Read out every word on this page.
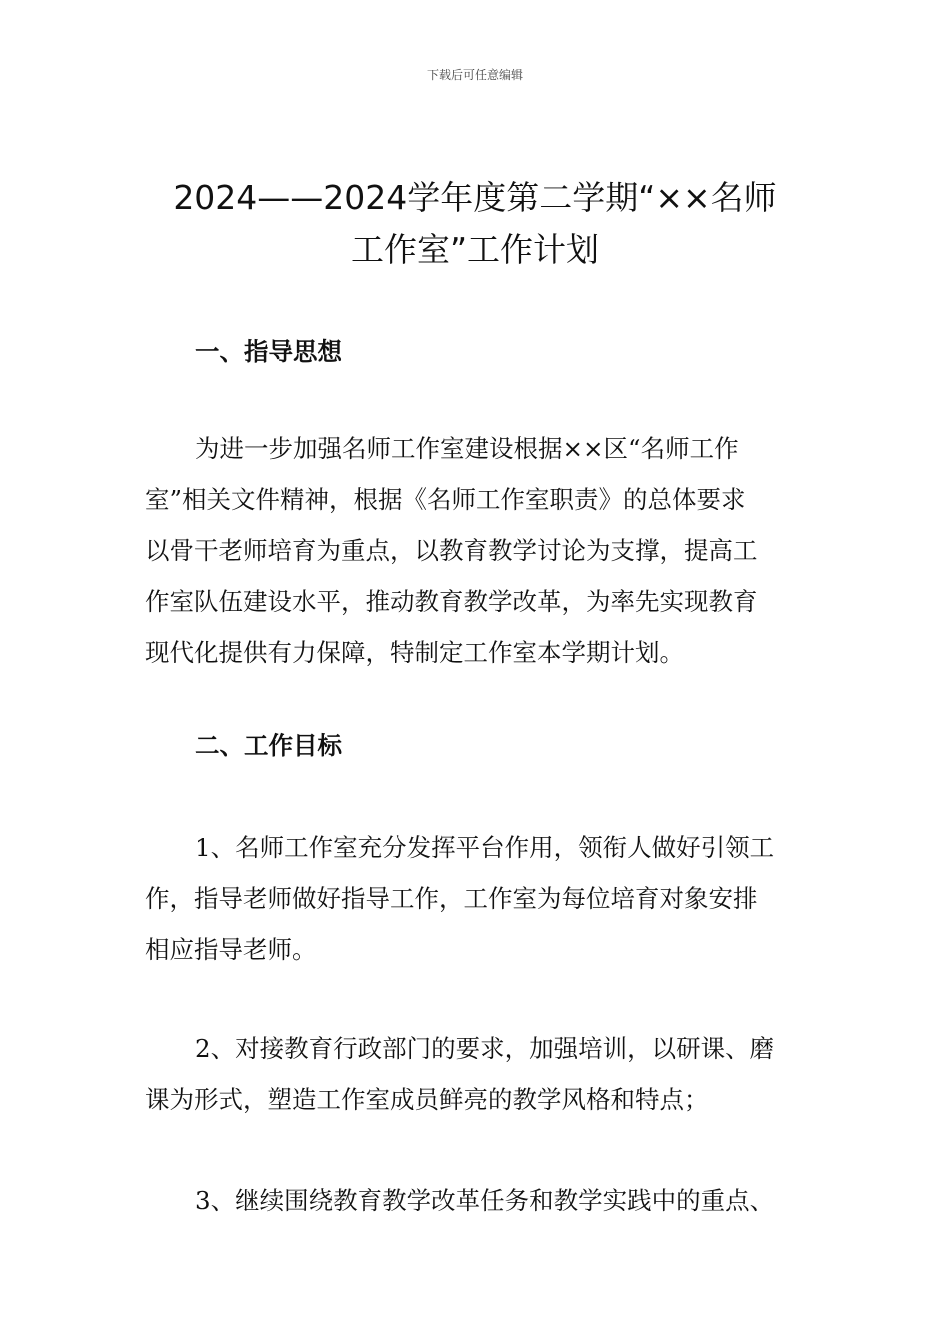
下载后可任意编辑
2024——2024学年度第二学期“××名师
工作室”工作计划
一、指导思想

为进一步加强名师工作室建设根据××区“名师工作
室”相关文件精神，根据《名师工作室职责》的总体要求
以骨干老师培育为重点，以教育教学讨论为支撑，提高工
作室队伍建设水平，推动教育教学改革，为率先实现教育
现代化提供有力保障，特制定工作室本学期计划。

二、工作目标

1、名师工作室充分发挥平台作用，领衔人做好引领工
作，指导老师做好指导工作，工作室为每位培育对象安排
相应指导老师。

2、对接教育行政部门的要求，加强培训，以研课、磨
课为形式，塑造工作室成员鲜亮的教学风格和特点；

3、继续围绕教育教学改革任务和教学实践中的重点、
